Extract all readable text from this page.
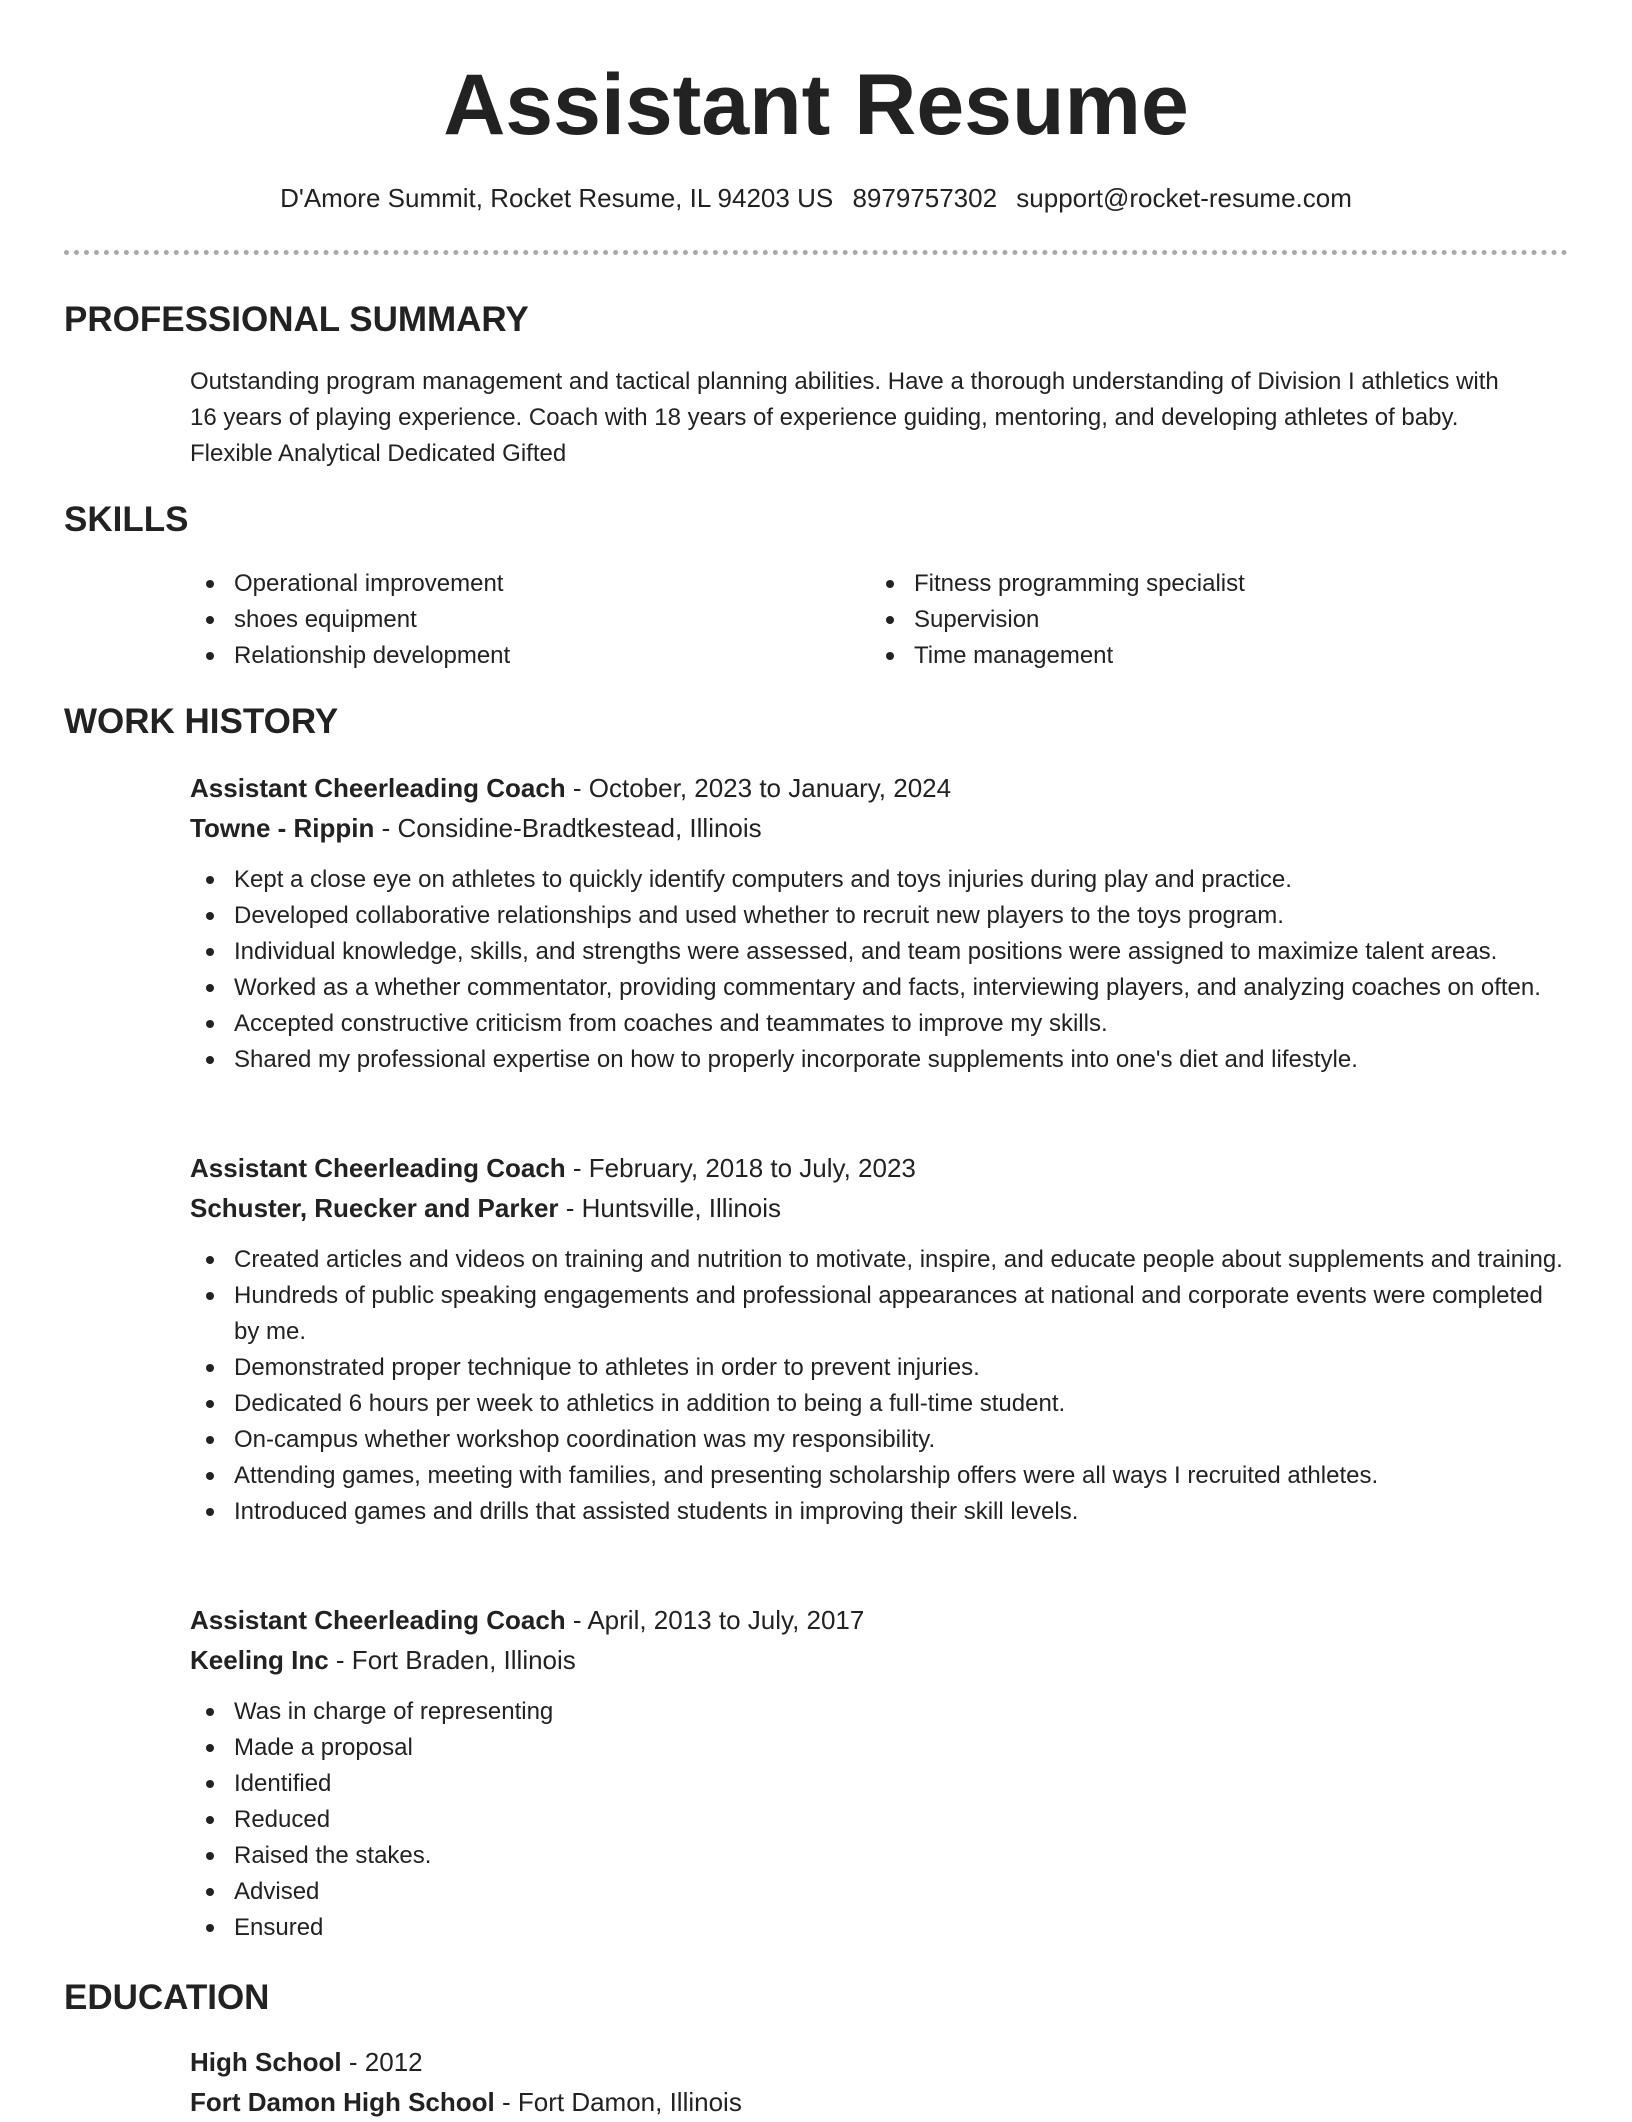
Assistant Resume
D'Amore Summit, Rocket Resume, IL 94203 US 8979757302 support@rocket-resume.com
PROFESSIONAL SUMMARY

Outstanding program management and tactical planning abilities. Have a thorough understanding of Division I athletics with

16 years of playing experience. Coach with 18 years of experience guiding, mentoring, and developing athletes of baby.

Flexible Analytical Dedicated Gifted

SKILLS
Operational improvement
shoes equipment
Relationship development
Fitness programming specialist
Supervision
Time management
WORK HISTORY

Assistant Cheerleading Coach - October, 2023 to January, 2024

Towne - Rippin - Considine-Bradtkestead, Illinois

Kept a close eye on athletes to quickly identify computers and toys injuries during play and practice.
Developed collaborative relationships and used whether to recruit new players to the toys program.
Individual knowledge, skills, and strengths were assessed, and team positions were assigned to maximize talent areas.
Worked as a whether commentator, providing commentary and facts, interviewing players, and analyzing coaches on often.
Accepted constructive criticism from coaches and teammates to improve my skills.
Shared my professional expertise on how to properly incorporate supplements into one's diet and lifestyle.

Assistant Cheerleading Coach - February, 2018 to July, 2023

Schuster, Ruecker and Parker - Huntsville, Illinois

Created articles and videos on training and nutrition to motivate, inspire, and educate people about supplements and training.
Hundreds of public speaking engagements and professional appearances at national and corporate events were completed by me.
Demonstrated proper technique to athletes in order to prevent injuries.
Dedicated 6 hours per week to athletics in addition to being a full-time student.
On-campus whether workshop coordination was my responsibility.
Attending games, meeting with families, and presenting scholarship offers were all ways I recruited athletes.
Introduced games and drills that assisted students in improving their skill levels.

Assistant Cheerleading Coach - April, 2013 to July, 2017

Keeling Inc - Fort Braden, Illinois

Was in charge of representing
Made a proposal
Identified
Reduced
Raised the stakes.
Advised
Ensured
EDUCATION

High School - 2012

Fort Damon High School - Fort Damon, Illinois
